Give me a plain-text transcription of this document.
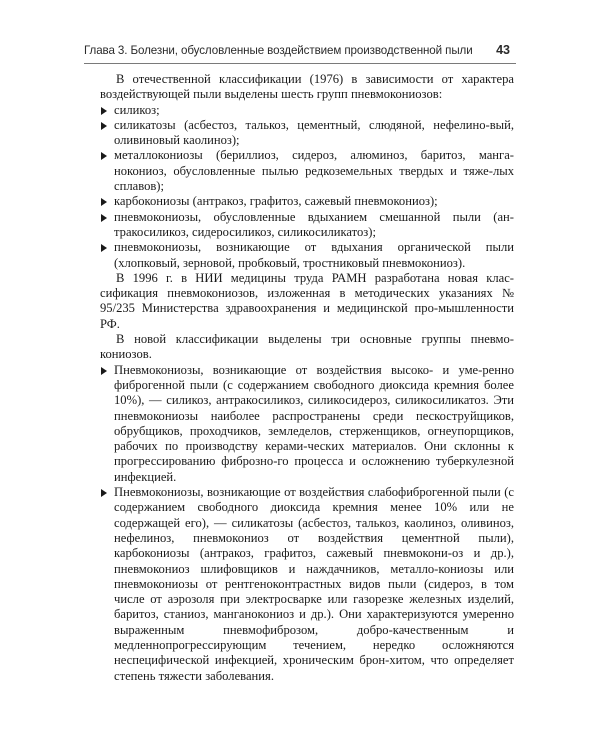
Глава 3. Болезни, обусловленные воздействием производственной пыли 43

В отечественной классификации (1976) в зависимости от характера воздействующей пыли выделены шесть групп пневмокониозов:

силикоз;
силикатозы (асбестоз, талькоз, цементный, слюдяной, нефелино-вый, оливиновый каолиноз);
металлокониозы (бериллиоз, сидероз, алюминоз, баритоз, манга-нокониоз, обусловленные пылью редкоземельных твердых и тяже-лых сплавов);
карбокониозы (антракоз, графитоз, сажевый пневмокониоз);
пневмокониозы, обусловленные вдыханием смешанной пыли (ан-тракосиликоз, сидеросиликоз, силикосиликатоз);
пневмокониозы, возникающие от вдыхания органической пыли (хлопковый, зерновой, пробковый, тростниковый пневмокониоз).

В 1996 г. в НИИ медицины труда РАМН разработана новая клас-сификация пневмокониозов, изложенная в методических указаниях № 95/235 Министерства здравоохранения и медицинской про-мышленности РФ.

В новой классификации выделены три основные группы пневмо-кониозов.

Пневмокониозы, возникающие от воздействия высоко- и уме-ренно фиброгенной пыли (с содержанием свободного диоксида кремния более 10%), — силикоз, антракосиликоз, силикосидероз, силикосиликатоз. Эти пневмокониозы наиболее распространены среди пескоструйщиков, обрубщиков, проходчиков, земледелов, стерженщиков, огнеупорщиков, рабочих по производству керами-ческих материалов. Они склонны к прогрессированию фиброзно-го процесса и осложнению туберкулезной инфекцией.
Пневмокониозы, возникающие от воздействия слабофиброгенной пыли (с содержанием свободного диоксида кремния менее 10% или не содержащей его), — силикатозы (асбестоз, талькоз, каолиноз, оливиноз, нефелиноз, пневмокониоз от воздействия цементной пыли), карбокониозы (антракоз, графитоз, сажевый пневмокони-оз и др.), пневмокониоз шлифовщиков и наждачников, металло-кониозы или пневмокониозы от рентгеноконтрастных видов пыли (сидероз, в том числе от аэрозоля при электросварке или газорезке железных изделий, баритоз, станиоз, манганокониоз и др.). Они характеризуются умеренно выраженным пневмофиброзом, добро-качественным и медленнопрогрессирующим течением, нередко осложняются неспецифической инфекцией, хроническим брон-хитом, что определяет степень тяжести заболевания.
